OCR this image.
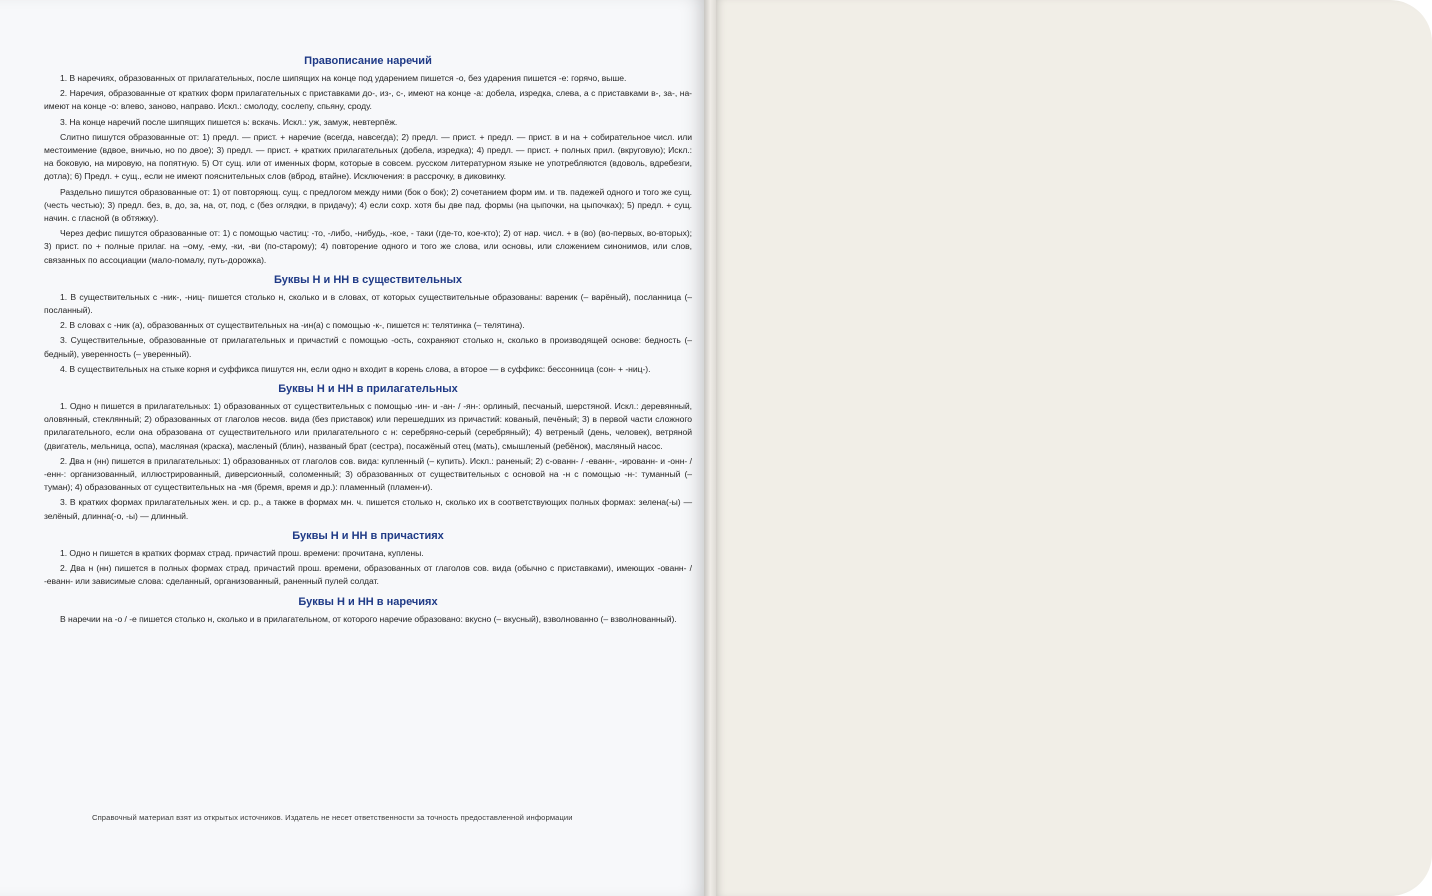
Правописание наречий

1. В наречиях, образованных от прилагательных, после шипящих на конце под ударением пишется -о, без ударения пишется -е: горячо, выше.

2. Наречия, образованные от кратких форм прилагательных с приставками до-, из-, с-, имеют на конце -а: добела, изредка, слева, а с приставками в-, за-, на- имеют на конце -о: влево, заново, направо. Искл.: смолоду, сослепу, спьяну, сроду.

3. На конце наречий после шипящих пишется ь: вскачь. Искл.: уж, замуж, невтерпёж.

Слитно пишутся образованные от: 1) предл. — прист. + наречие (всегда, навсегда); 2) предл. — прист. + предл. — прист. в и на + собирательное числ. или местоимение (вдвое, вничью, но по двое); 3) предл. — прист. + кратких прилагательных (добела, изредка); 4) предл. — прист. + полных прил. (вкруговую); Искл.: на боковую, на мировую, на попятную. 5) От сущ. или от именных форм, которые в совсем. русском литературном языке не употребляются (вдоволь, вдребезги, дотла); 6) Предл. + сущ., если не имеют пояснительных слов (вброд, втайне). Исключения: в рассрочку, в диковинку.

Раздельно пишутся образованные от: 1) от повторяющ. сущ. с предлогом между ними (бок о бок); 2) сочетанием форм им. и тв. падежей одного и того же сущ. (честь честью); 3) предл. без, в, до, за, на, от, под, с (без оглядки, в придачу); 4) если сохр. хотя бы две пад. формы (на цыпочки, на цыпочках); 5) предл. + сущ. начин. с гласной (в обтяжку).

Через дефис пишутся образованные от: 1) с помощью частиц: -то, -либо, -нибудь, -кое, - таки (где-то, кое-кто); 2) от нар. числ. + в (во) (во-первых, во-вторых); 3) прист. по + полные прилаг. на –ому, -ему, -ки, -ви (по-старому); 4) повторение одного и того же слова, или основы, или сложением синонимов, или слов, связанных по ассоциации (мало-помалу, путь-дорожка).

Буквы Н и НН в существительных

1. В существительных с -ник-, -ниц- пишется столько н, сколько и в словах, от которых существительные образованы: вареник (– варёный), посланница (– посланный).

2. В словах с -ник (а), образованных от существительных на -ин(а) с помощью -к-, пишется н: телятинка (– телятина).

3. Существительные, образованные от прилагательных и причастий с помощью -ость, сохраняют столько н, сколько в производящей основе: бедность (– бедный), уверенность (– уверенный).

4. В существительных на стыке корня и суффикса пишутся нн, если одно н входит в корень слова, а второе — в суффикс: бессонница (сон- + -ниц-).

Буквы Н и НН в прилагательных

1. Одно н пишется в прилагательных: 1) образованных от существительных с помощью -ин- и -ан- / -ян-: орлиный, песчаный, шерстяной. Искл.: деревянный, оловянный, стеклянный; 2) образованных от глаголов несов. вида (без приставок) или перешедших из причастий: кованый, печёный; 3) в первой части сложного прилагательного, если она образована от существительного или прилагательного с н: серебряно-серый (серебряный); 4) ветреный (день, человек), ветряной (двигатель, мельница, оспа), масляная (краска), масленый (блин), названый брат (сестра), посажёный отец (мать), смышленый (ребёнок), масляный насос.

2. Два н (нн) пишется в прилагательных: 1) образованных от глаголов сов. вида: купленный (– купить). Искл.: раненый; 2) с-ованн- / -еванн-, -ированн- и -онн- / -енн-: организованный, иллюстрированный, диверсионный, соломенный; 3) образованных от существительных с основой на -н с помощью -н-: туманный (– туман); 4) образованных от существительных на -мя (бремя, время и др.): пламенный (пламен-и).

3. В кратких формах прилагательных жен. и ср. р., а также в формах мн. ч. пишется столько н, сколько их в соответствующих полных формах: зелена(-ы) — зелёный, длинна(-о, -ы) — длинный.

Буквы Н и НН в причастиях

1. Одно н пишется в кратких формах страд. причастий прош. времени: прочитана, куплены.

2. Два н (нн) пишется в полных формах страд. причастий прош. времени, образованных от глаголов сов. вида (обычно с приставками), имеющих -ованн- / -еванн- или зависимые слова: сделанный, организованный, раненный пулей солдат.

Буквы Н и НН в наречиях

В наречии на -о / -е пишется столько н, сколько и в прилагательном, от которого наречие образовано: вкусно (– вкусный), взволнованно (– взволнованный).

Справочный материал взят из открытых источников. Издатель не несет ответственности за точность предоставленной информации
